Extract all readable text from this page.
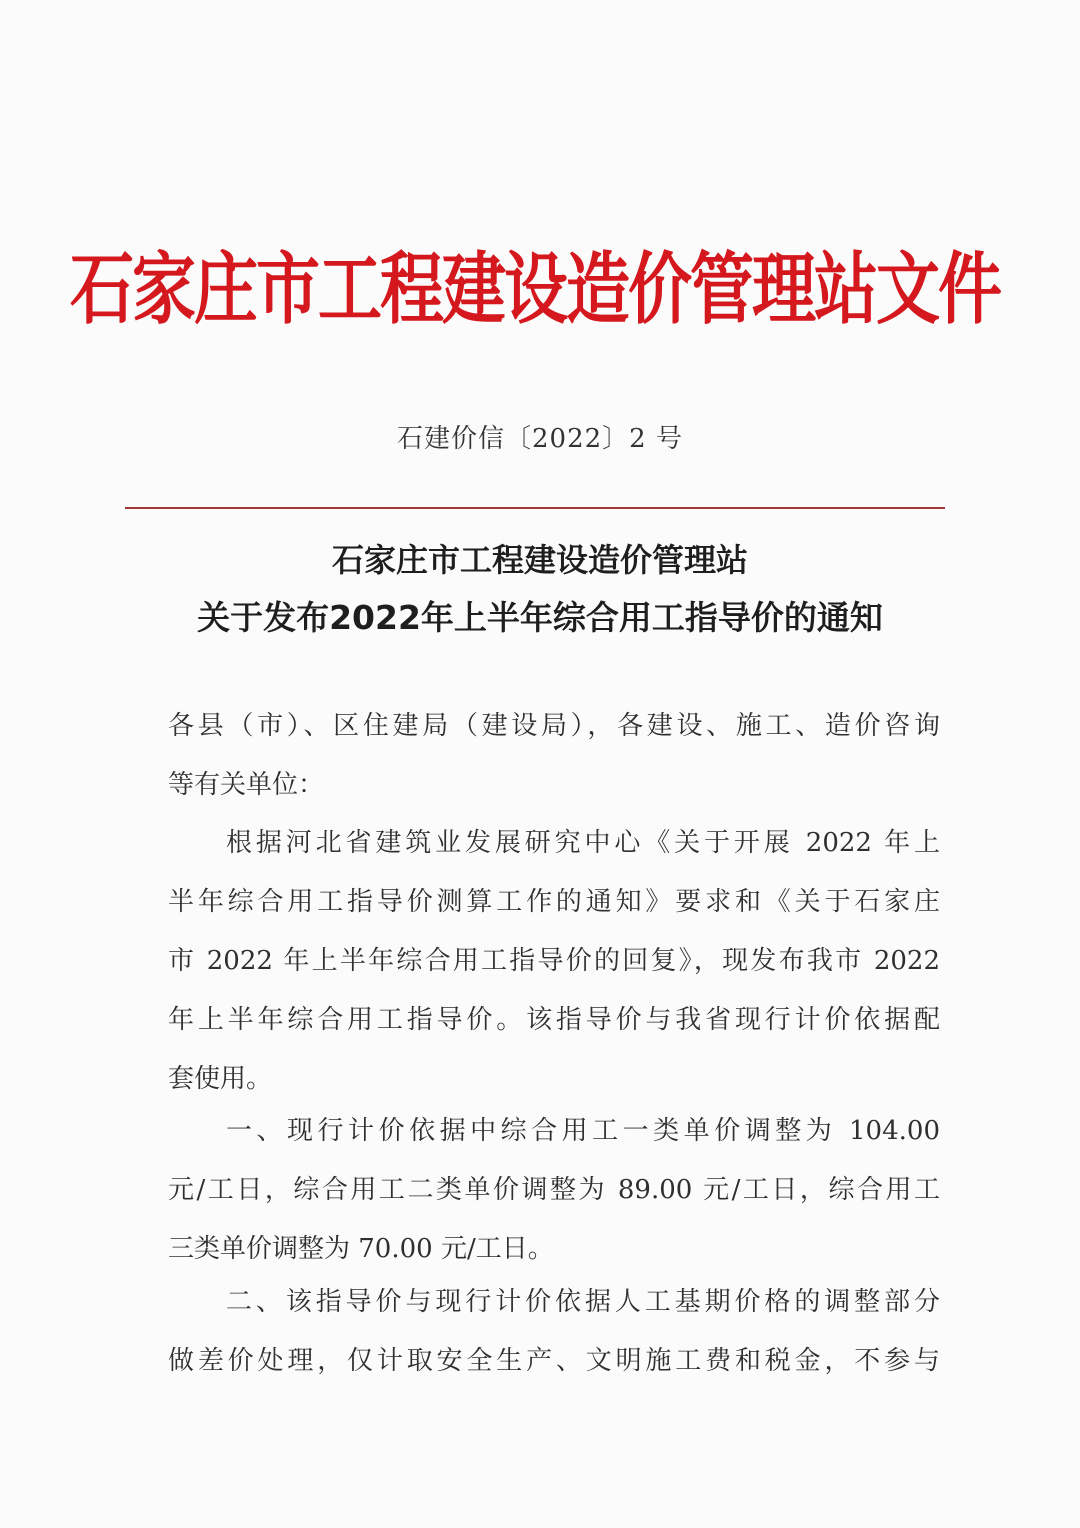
石家庄市工程建设造价管理站文件
石建价信〔2022〕2 号
石家庄市工程建设造价管理站
关于发布2022年上半年综合用工指导价的通知
各县（市）、区住建局（建设局），各建设、施工、造价咨询
等有关单位：
根据河北省建筑业发展研究中心《关于开展 2022 年上
半年综合用工指导价测算工作的通知》要求和《关于石家庄
市 2022 年上半年综合用工指导价的回复》，现发布我市 2022
年上半年综合用工指导价。该指导价与我省现行计价依据配
套使用。
一、现行计价依据中综合用工一类单价调整为 104.00
元/工日，综合用工二类单价调整为 89.00 元/工日，综合用工
三类单价调整为 70.00 元/工日。
二、该指导价与现行计价依据人工基期价格的调整部分
做差价处理，仅计取安全生产、文明施工费和税金，不参与
